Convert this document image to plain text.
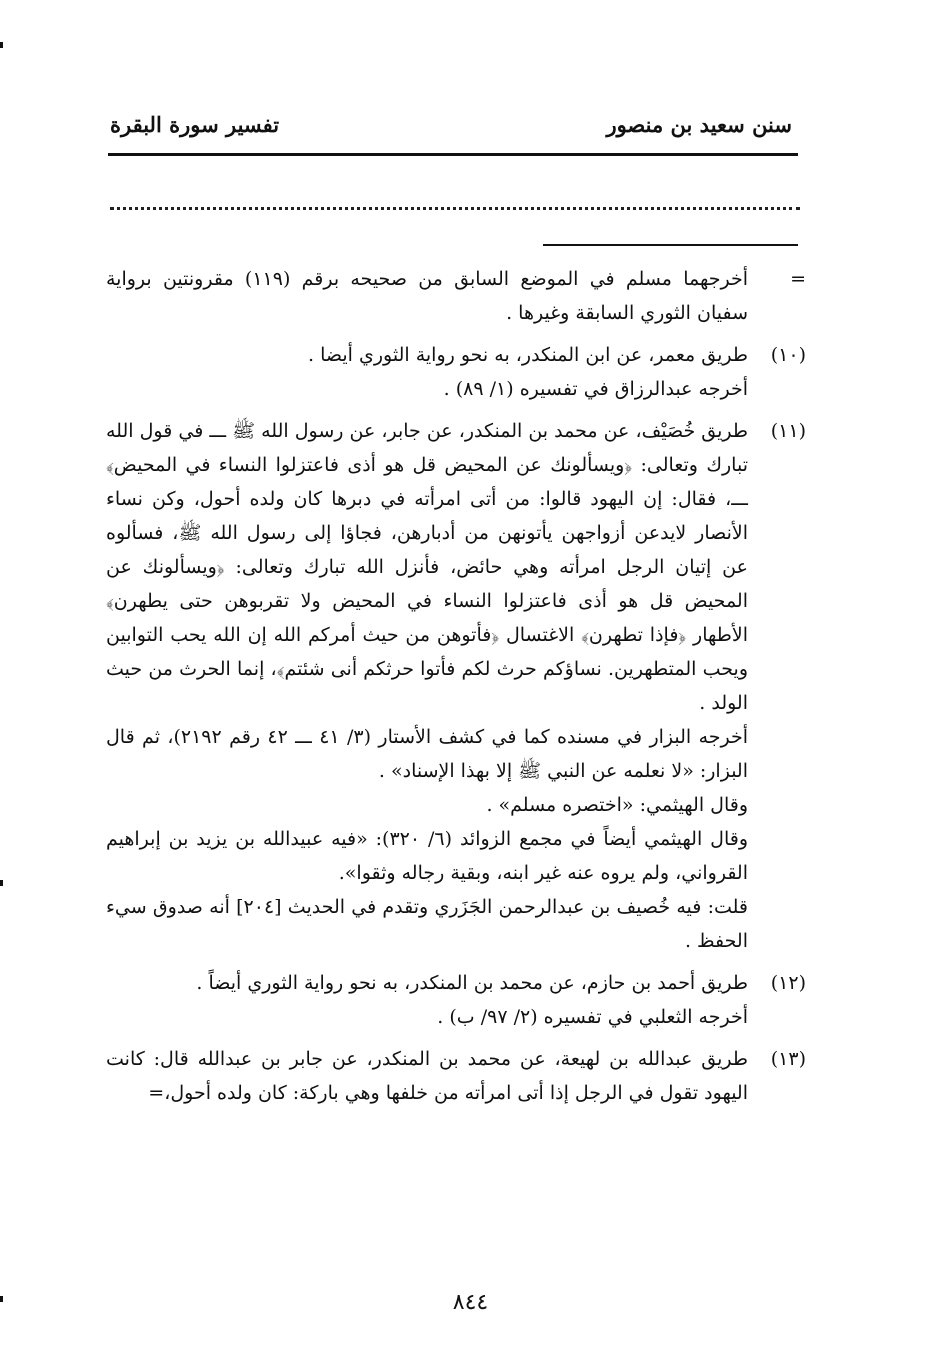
سنن سعيد بن منصور
تفسير سورة البقرة
=

أخرجهما مسلم في الموضع السابق من صحيحه برقم (١١٩) مقرونتين برواية سفيان الثوري السابقة وغيرها .

(١٠)

طريق معمر، عن ابن المنكدر، به نحو رواية الثوري أيضا .

أخرجه عبدالرزاق في تفسيره (١/ ٨٩) .

(١١)

طريق خُصَيْف، عن محمد بن المنكدر، عن جابر، عن رسول الله ﷺ ـــ في قول الله تبارك وتعالى: ﴿ويسألونك عن المحيض قل هو أذى فاعتزلوا النساء في المحيض﴾ ـــ، فقال: إن اليهود قالوا: من أتى امرأته في دبرها كان ولده أحول، وكن نساء الأنصار لايدعن أزواجهن يأتونهن من أدبارهن، فجاؤا إلى رسول الله ﷺ، فسألوه عن إتيان الرجل امرأته وهي حائض، فأنزل الله تبارك وتعالى: ﴿ويسألونك عن المحيض قل هو أذى فاعتزلوا النساء في المحيض ولا تقربوهن حتى يطهرن﴾ الأطهار ﴿فإذا تطهرن﴾ الاغتسال ﴿فأتوهن من حيث أمركم الله إن الله يحب التوابين ويحب المتطهرين. نساؤكم حرث لكم فأتوا حرثكم أنى شئتم﴾، إنما الحرث من حيث الولد .

أخرجه البزار في مسنده كما في كشف الأستار (٣/ ٤١ ـــ ٤٢ رقم ٢١٩٢)، ثم قال البزار: «لا نعلمه عن النبي ﷺ إلا بهذا الإسناد» .

وقال الهيثمي: «اختصره مسلم» .

وقال الهيثمي أيضاً في مجمع الزوائد (٦/ ٣٢٠): «فيه عبيدالله بن يزيد بن إبراهيم القرواني، ولم يروه عنه غير ابنه، وبقية رجاله وثقوا».

قلت: فيه خُصيف بن عبدالرحمن الجَزَري وتقدم في الحديث [٢٠٤] أنه صدوق سيء الحفظ .

(١٢)

طريق أحمد بن حازم، عن محمد بن المنكدر، به نحو رواية الثوري أيضاً .

أخرجه الثعلبي في تفسيره (٢/ ٩٧/ ب) .

(١٣)

طريق عبدالله بن لهيعة، عن محمد بن المنكدر، عن جابر بن عبدالله قال: كانت اليهود تقول في الرجل إذا أتى امرأته من خلفها وهي باركة: كان ولده أحول،=

٨٤٤
